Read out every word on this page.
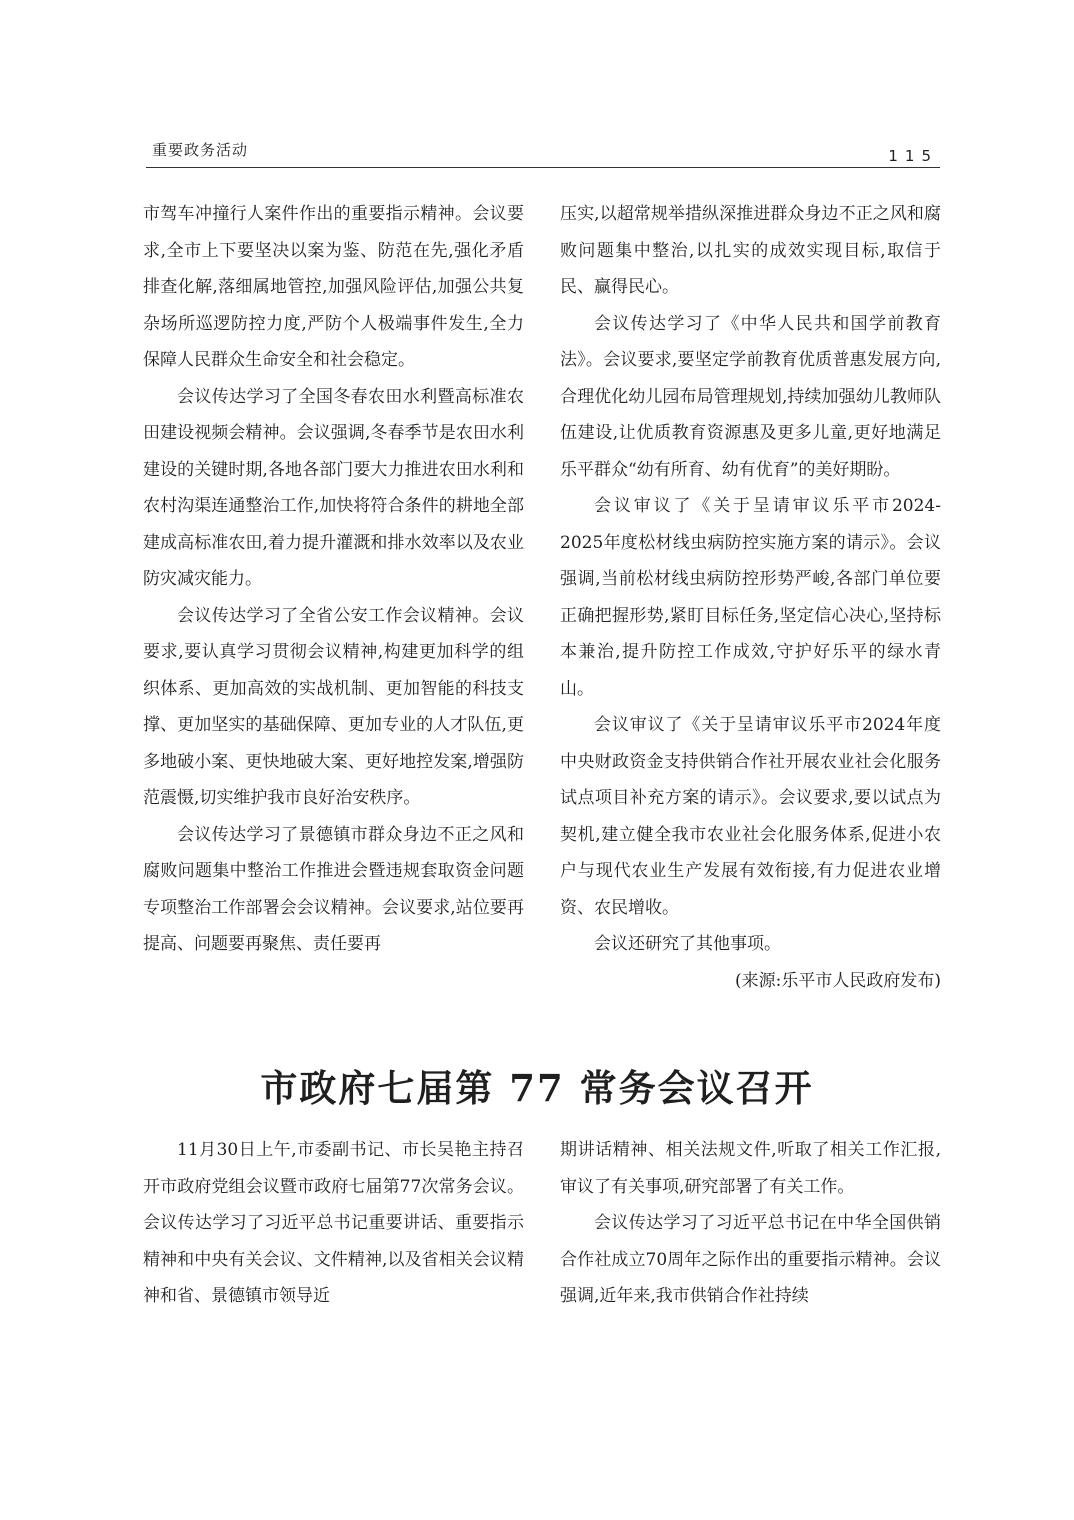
重要政务活动	115

市驾车冲撞行人案件作出的重要指示精神。会议要求,全市上下要坚决以案为鉴、防范在先,强化矛盾排查化解,落细属地管控,加强风险评估,加强公共复杂场所巡逻防控力度,严防个人极端事件发生,全力保障人民群众生命安全和社会稳定。

会议传达学习了全国冬春农田水利暨高标准农田建设视频会精神。会议强调,冬春季节是农田水利建设的关键时期,各地各部门要大力推进农田水利和农村沟渠连通整治工作,加快将符合条件的耕地全部建成高标准农田,着力提升灌溉和排水效率以及农业防灾减灾能力。

会议传达学习了全省公安工作会议精神。会议要求,要认真学习贯彻会议精神,构建更加科学的组织体系、更加高效的实战机制、更加智能的科技支撑、更加坚实的基础保障、更加专业的人才队伍,更多地破小案、更快地破大案、更好地控发案,增强防范震慑,切实维护我市良好治安秩序。

会议传达学习了景德镇市群众身边不正之风和腐败问题集中整治工作推进会暨违规套取资金问题专项整治工作部署会会议精神。会议要求,站位要再提高、问题要再聚焦、责任要再

压实,以超常规举措纵深推进群众身边不正之风和腐败问题集中整治,以扎实的成效实现目标,取信于民、赢得民心。

会议传达学习了《中华人民共和国学前教育法》。会议要求,要坚定学前教育优质普惠发展方向,合理优化幼儿园布局管理规划,持续加强幼儿教师队伍建设,让优质教育资源惠及更多儿童,更好地满足乐平群众“幼有所育、幼有优育”的美好期盼。

会议审议了《关于呈请审议乐平市2024-2025年度松材线虫病防控实施方案的请示》。会议强调,当前松材线虫病防控形势严峻,各部门单位要正确把握形势,紧盯目标任务,坚定信心决心,坚持标本兼治,提升防控工作成效,守护好乐平的绿水青山。

会议审议了《关于呈请审议乐平市2024年度中央财政资金支持供销合作社开展农业社会化服务试点项目补充方案的请示》。会议要求,要以试点为契机,建立健全我市农业社会化服务体系,促进小农户与现代农业生产发展有效衔接,有力促进农业增资、农民增收。

会议还研究了其他事项。

(来源:乐平市人民政府发布)

市政府七届第 77 常务会议召开

11月30日上午,市委副书记、市长吴艳主持召开市政府党组会议暨市政府七届第77次常务会议。会议传达学习了习近平总书记重要讲话、重要指示精神和中央有关会议、文件精神,以及省相关会议精神和省、景德镇市领导近

期讲话精神、相关法规文件,听取了相关工作汇报,审议了有关事项,研究部署了有关工作。

会议传达学习了习近平总书记在中华全国供销合作社成立70周年之际作出的重要指示精神。会议强调,近年来,我市供销合作社持续
